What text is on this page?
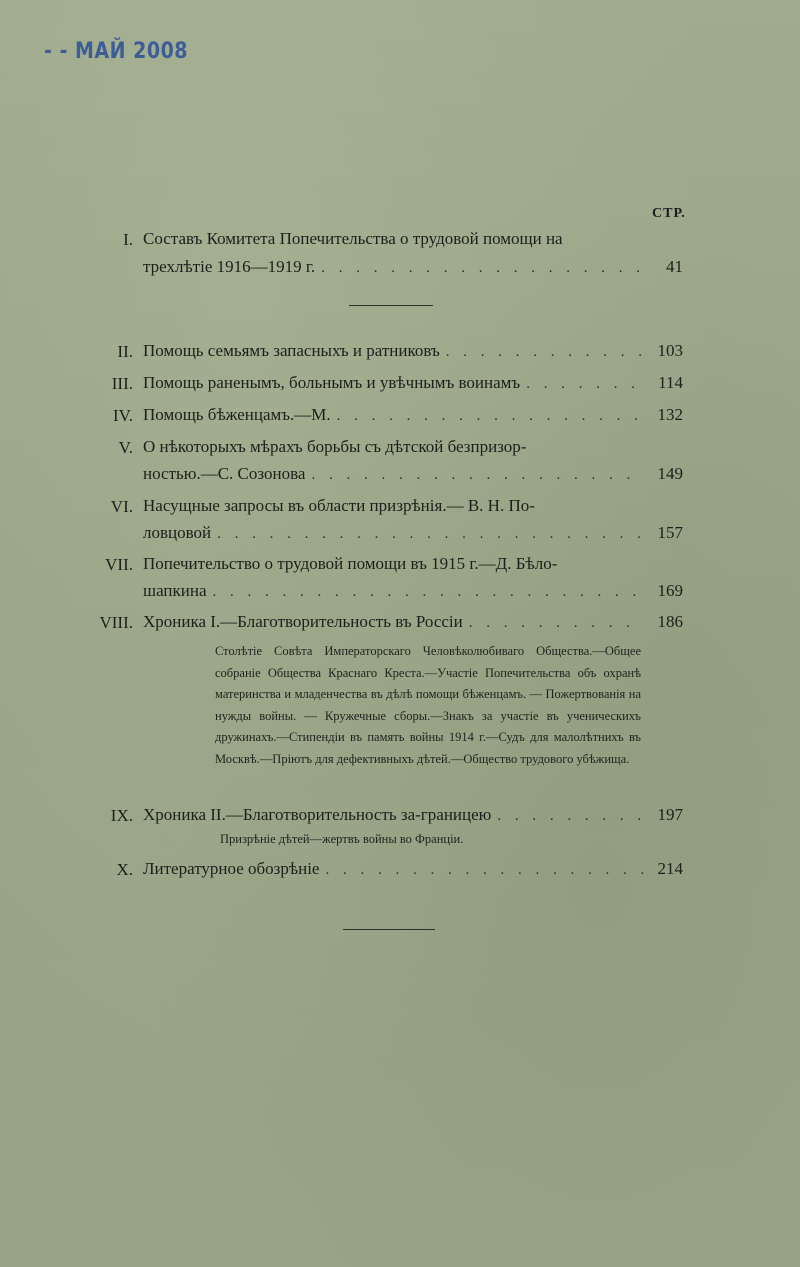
- - МАЙ 2008
СТР.
I. Составъ Комитета Попечительства о трудовой помощи на
трехлѣтіе 1916—1919 г. . . .	41
II. Помощь семьямъ запасныхъ и ратниковъ . . .	103
III. Помощь раненымъ, больнымъ и увѣчнымъ воинамъ . . .	114
IV. Помощь бѣженцамъ.—М. . . .	132
V. О нѣкоторыхъ мѣрахъ борьбы съ дѣтской безпризор-
ностью.—С. Созонова . . .	149
VI. Насущные запросы въ области призрѣнія.— В. Н. По-
ловцовой . . .	157
VII. Попечительство о трудовой помощи въ 1915 г.—Д. Бѣло-
шапкина . . .	169
VIII. Хроника I.—Благотворительность въ Россіи . . .	186
Столѣтіе Совѣта Императорскаго Человѣколюбиваго Общества.—Общее собраніе Общества Краснаго Креста.—Участіе Попечительства объ охранѣ материнства и младенчества въ дѣлѣ помощи бѣженцамъ. — Пожертвованія на нужды войны. — Кружечные сборы.—Знакъ за участіе въ ученическихъ дружинахъ.—Стипендіи въ память войны 1914 г.—Судъ для малолѣтнихъ въ Москвѣ.—Пріютъ для дефективныхъ дѣтей.—Общество трудового убѣжища.
IX. Хроника II.—Благотворительность за-границею . . .	197
Призрѣніе дѣтей—жертвъ войны во Франціи.
X. Литературное обозрѣніе . . .	214
